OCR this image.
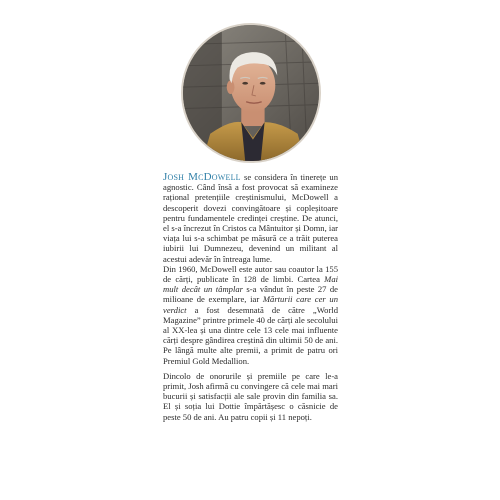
Josh McDowell se considera în tinerețe un agnostic. Când însă a fost provocat să examineze rațional pretențiile creștinismului, McDowell a descoperit dovezi convingătoare și copleșitoare pentru fundamentele credinței creștine. De atunci, el s-a încrezut în Cristos ca Mântuitor și Domn, iar viața lui s-a schimbat pe măsură ce a trăit puterea iubirii lui Dumnezeu, devenind un militant al acestui adevăr în întreaga lume.

Din 1960, McDowell este autor sau coautor la 155 de cărți, publicate în 128 de limbi. Cartea Mai mult decât un tâmplar s-a vândut în peste 27 de milioane de exemplare, iar Mărturii care cer un verdict a fost desemnată de către „World Magazine” printre primele 40 de cărți ale secolului al XX-lea și una dintre cele 13 cele mai influente cărți despre gândirea creștină din ultimii 50 de ani. Pe lângă multe alte premii, a primit de patru ori Premiul Gold Medallion.

Dincolo de onorurile și premiile pe care le-a primit, Josh afirmă cu convingere că cele mai mari bucurii și satisfacții ale sale provin din familia sa. El și soția lui Dottie împărtășesc o căsnicie de peste 50 de ani. Au patru copii și 11 nepoți.
